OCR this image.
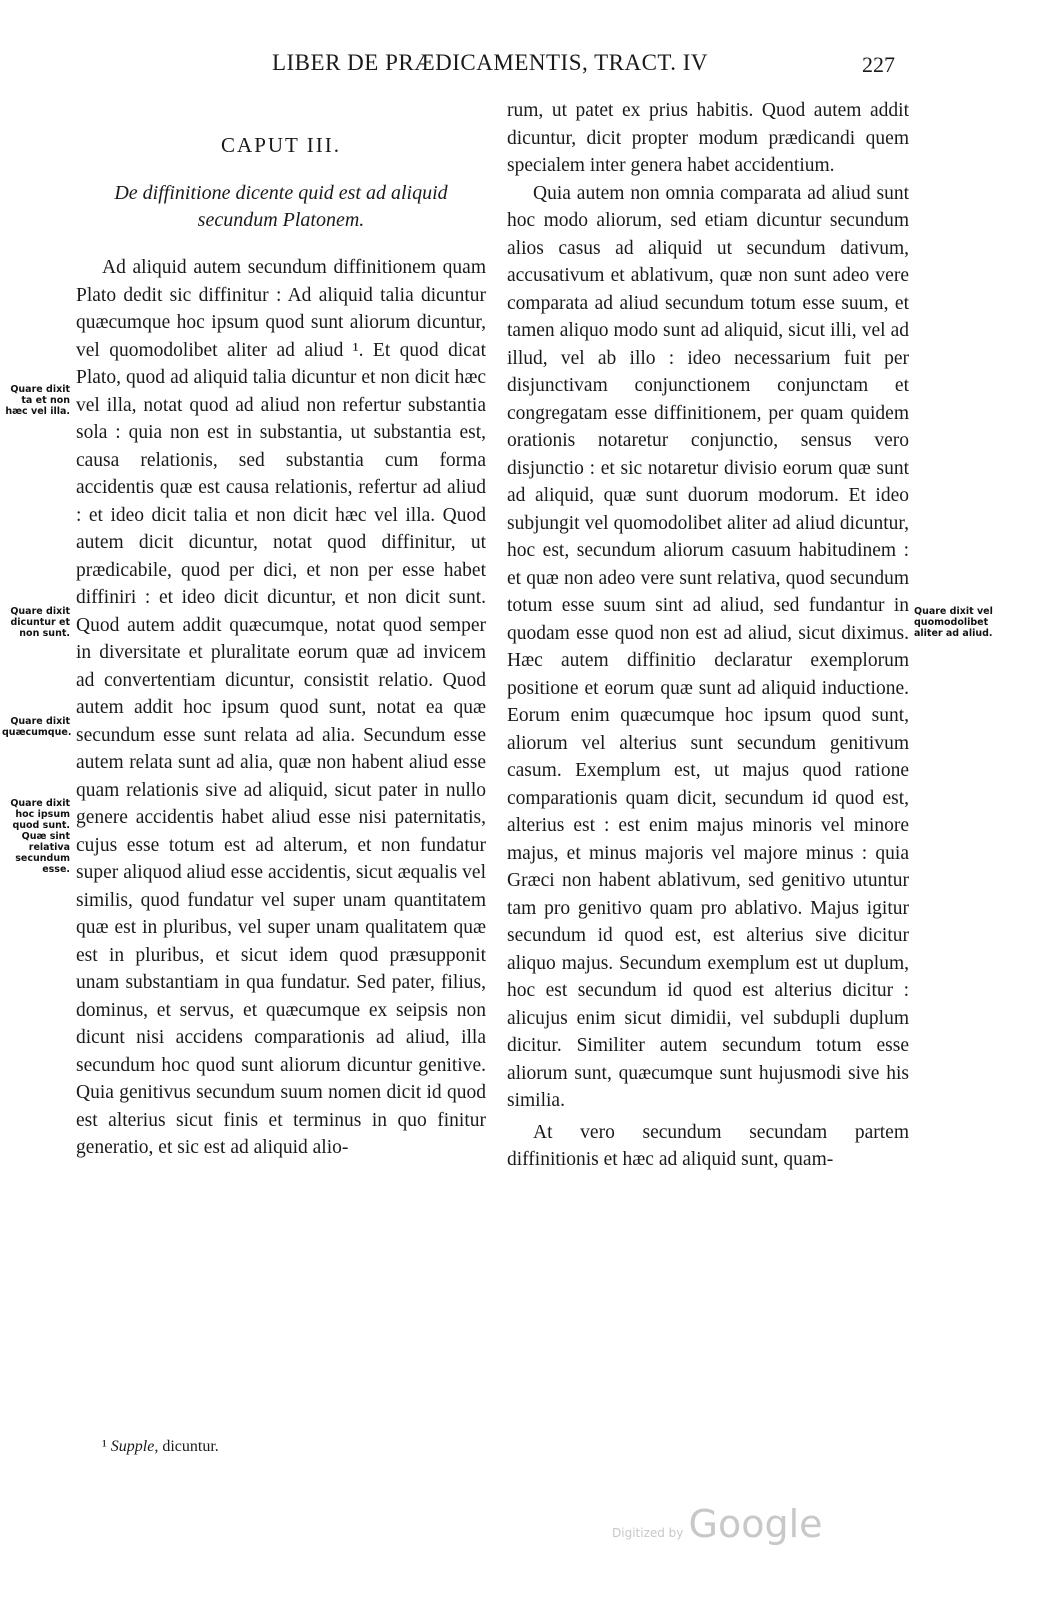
LIBER DE PRÆDICAMENTIS, TRACT. IV	227
CAPUT III.
De diffinitione dicente quid est ad aliquid secundum Platonem.

Ad aliquid autem secundum diffinitionem quam Plato dedit sic diffinitur : Ad aliquid talia dicuntur quæcumque hoc ipsum quod sunt aliorum dicuntur, vel quomodolibet aliter ad aliud ¹. Et quod dicat Plato, quod ad aliquid talia dicuntur et non dicit hæc vel illa, notat quod ad aliud non refertur substantia sola : quia non est in substantia, ut substantia est, causa relationis, sed substantia cum forma accidentis quæ est causa relationis, refertur ad aliud : et ideo dicit talia et non dicit hæc vel illa. Quod autem dicit dicuntur, notat quod diffinitur, ut prædicabile, quod per dici, et non per esse habet diffiniri : et ideo dicit dicuntur, et non dicit sunt. Quod autem addit quæcumque, notat quod semper in diversitate et pluralitate eorum quæ ad invicem ad convertentiam dicuntur, consistit relatio. Quod autem addit hoc ipsum quod sunt, notat ea quæ secundum esse sunt relata ad alia. Secundum esse autem relata sunt ad alia, quæ non habent aliud esse quam relationis sive ad aliquid, sicut pater in nullo genere accidentis habet aliud esse nisi paternitatis, cujus esse totum est ad alterum, et non fundatur super aliquod aliud esse accidentis, sicut æqualis vel similis, quod fundatur vel super unam quantitatem quæ est in pluribus, vel super unam qualitatem quæ est in pluribus, et sicut idem quod præsupponit unam substantiam in qua fundatur. Sed pater, filius, dominus, et servus, et quæcumque ex seipsis non dicunt nisi accidens comparationis ad aliud, illa secundum hoc quod sunt aliorum dicuntur genitive. Quia genitivus secundum suum nomen dicit id quod est alterius sicut finis et terminus in quo finitur generatio, et sic est ad aliquid alio-

rum, ut patet ex prius habitis. Quod autem addit dicuntur, dicit propter modum prædicandi quem specialem inter genera habet accidentium.

Quia autem non omnia comparata ad aliud sunt hoc modo aliorum, sed etiam dicuntur secundum alios casus ad aliquid ut secundum dativum, accusativum et ablativum, quæ non sunt adeo vere comparata ad aliud secundum totum esse suum, et tamen aliquo modo sunt ad aliquid, sicut illi, vel ad illud, vel ab illo : ideo necessarium fuit per disjunctivam conjunctionem conjunctam et congregatam esse diffinitionem, per quam quidem orationis notaretur conjunctio, sensus vero disjunctio : et sic notaretur divisio eorum quæ sunt ad aliquid, quæ sunt duorum modorum. Et ideo subjungit vel quomodolibet aliter ad aliud dicuntur, hoc est, secundum aliorum casuum habitudinem : et quæ non adeo vere sunt relativa, quod secundum totum esse suum sint ad aliud, sed fundantur in quodam esse quod non est ad aliud, sicut diximus. Hæc autem diffinitio declaratur exemplorum positione et eorum quæ sunt ad aliquid inductione. Eorum enim quæcumque hoc ipsum quod sunt, aliorum vel alterius sunt secundum genitivum casum. Exemplum est, ut majus quod ratione comparationis quam dicit, secundum id quod est, alterius est : est enim majus minoris vel minore majus, et minus majoris vel majore minus : quia Græci non habent ablativum, sed genitivo utuntur tam pro genitivo quam pro ablativo. Majus igitur secundum id quod est, est alterius sive dicitur aliquo majus. Secundum exemplum est ut duplum, hoc est secundum id quod est alterius dicitur : alicujus enim sicut dimidii, vel subdupli duplum dicitur. Similiter autem secundum totum esse aliorum sunt, quæcumque sunt hujusmodi sive his similia.

At vero secundum secundam partem diffinitionis et hæc ad aliquid sunt, quam-

Quare dixit ta et non hæc vel illa.
Quare dixit dicuntur et non sunt.
Quare dixit quæcumque.
Quare dixit hoc ipsum quod sunt. Quæ sint relativa secundum esse.
Quare dixit vel quomodolibet aliter ad aliud.
¹ Supple, dicuntur.
Digitized by Google
